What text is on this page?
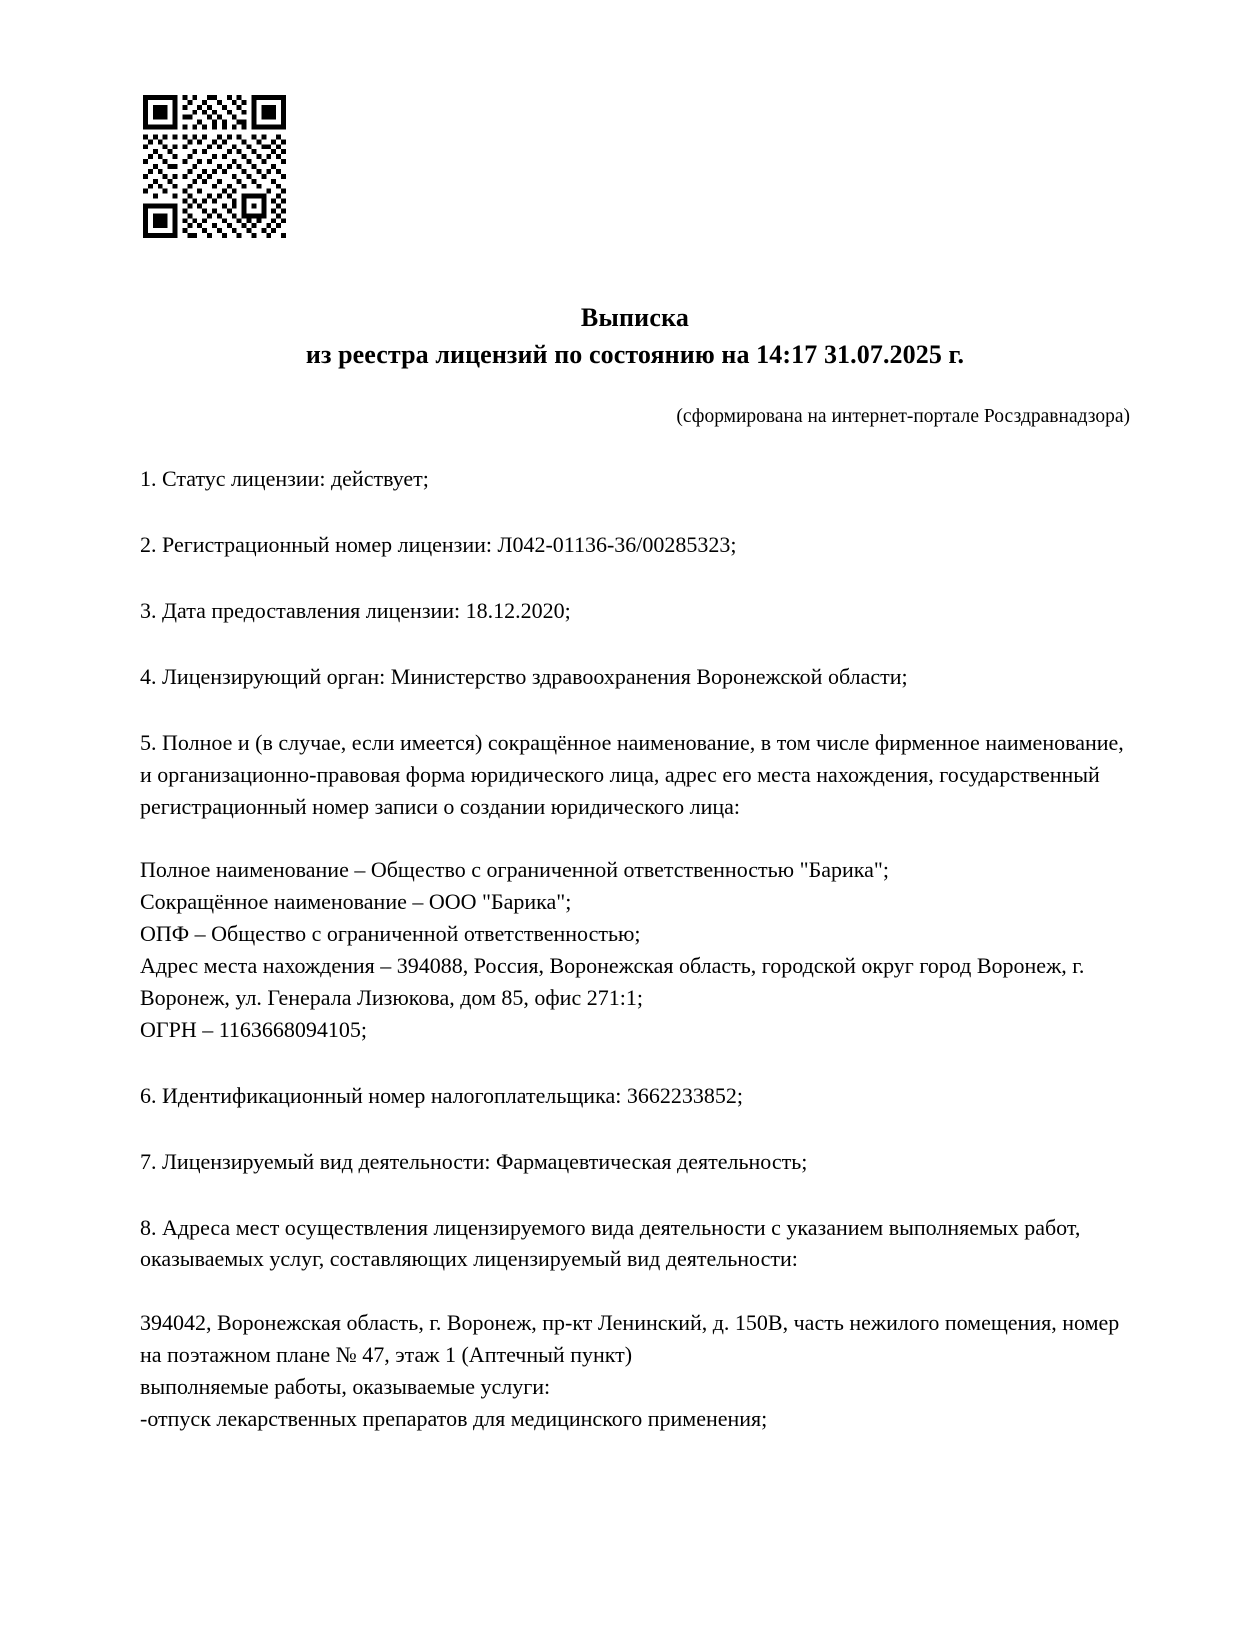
Выписка
из реестра лицензий по состоянию на 14:17 31.07.2025 г.
(сформирована на интернет-портале Росздравнадзора)
1. Статус лицензии: действует;
2. Регистрационный номер лицензии: Л042-01136-36/00285323;
3. Дата предоставления лицензии: 18.12.2020;
4. Лицензирующий орган: Министерство здравоохранения Воронежской области;
5. Полное и (в случае, если имеется) сокращённое наименование, в том числе фирменное наименование, и организационно-правовая форма юридического лица, адрес его места нахождения, государственный регистрационный номер записи о создании юридического лица:
Полное наименование – Общество с ограниченной ответственностью "Барика";
Сокращённое наименование – ООО "Барика";
ОПФ – Общество с ограниченной ответственностью;
Адрес места нахождения – 394088, Россия, Воронежская область, городской округ город Воронеж, г. Воронеж, ул. Генерала Лизюкова, дом 85, офис 271:1;
ОГРН – 1163668094105;
6. Идентификационный номер налогоплательщика: 3662233852;
7. Лицензируемый вид деятельности: Фармацевтическая деятельность;
8. Адреса мест осуществления лицензируемого вида деятельности с указанием выполняемых работ, оказываемых услуг, составляющих лицензируемый вид деятельности:
394042, Воронежская область, г. Воронеж, пр-кт Ленинский, д. 150В, часть нежилого помещения, номер на поэтажном плане № 47, этаж 1 (Аптечный пункт)
выполняемые работы, оказываемые услуги:
-отпуск лекарственных препаратов для медицинского применения;
